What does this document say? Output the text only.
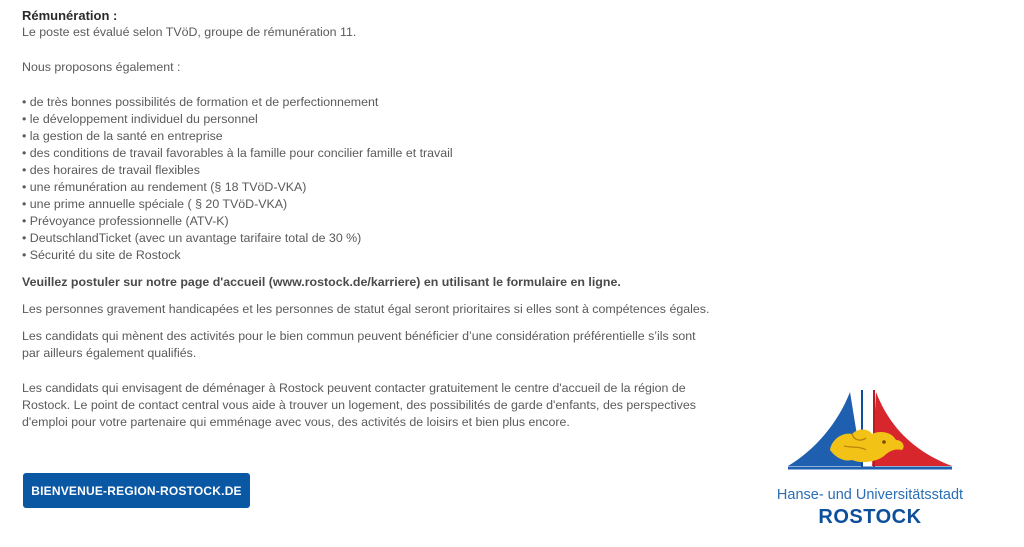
Rémunération :

Le poste est évalué selon TVöD, groupe de rémunération 11.

Nous proposons également :

• de très bonnes possibilités de formation et de perfectionnement
• le développement individuel du personnel
• la gestion de la santé en entreprise
• des conditions de travail favorables à la famille pour concilier famille et travail
• des horaires de travail flexibles
• une rémunération au rendement (§ 18 TVöD-VKA)
• une prime annuelle spéciale ( § 20 TVöD-VKA)
• Prévoyance professionnelle (ATV-K)
• DeutschlandTicket (avec un avantage tarifaire total de 30 %)
• Sécurité du site de Rostock

Veuillez postuler sur notre page d'accueil (www.rostock.de/karriere) en utilisant le formulaire en ligne.

Les personnes gravement handicapées et les personnes de statut égal seront prioritaires si elles sont à compétences égales.

Les candidats qui mènent des activités pour le bien commun peuvent bénéficier d’une considération préférentielle s’ils sont par ailleurs également qualifiés.

Les candidats qui envisagent de déménager à Rostock peuvent contacter gratuitement le centre d'accueil de la région de Rostock. Le point de contact central vous aide à trouver un logement, des possibilités de garde d'enfants, des perspectives d'emploi pour votre partenaire qui emménage avec vous, des activités de loisirs et bien plus encore.

BIENVENUE-REGION-ROSTOCK.DE	Hanse- und Universitätsstadt
ROSTOCK
